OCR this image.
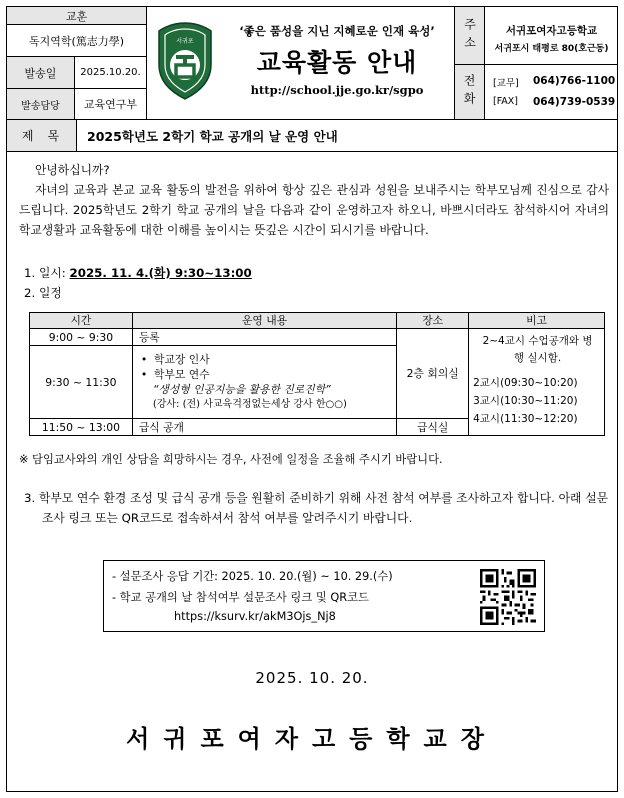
교훈
독지역학(篤志力學)
발송일	2025.10.20.
발송담당	교육연구부
서귀포
‘좋은 품성을 지닌 지혜로운 인재 육성’
교육활동 안내
http://school.jje.go.kr/sgpo
주소	서귀포여자고등학교
서귀포시 태평로 80(호근동)
전화 [교무] 064)766-1100
[FAX] 064)739-0539
제목	2025학년도 2학기 학교 공개의 날 운영 안내
안녕하십니까?
자녀의 교육과 본교 교육 활동의 발전을 위하여 항상 깊은 관심과 성원을 보내주시는 학부모님께 진심으로 감사드립니다. 2025학년도 2학기 학교 공개의 날을 다음과 같이 운영하고자 하오니, 바쁘시더라도 참석하시어 자녀의 학교생활과 교육활동에 대한 이해를 높이시는 뜻깊은 시간이 되시기를 바랍니다.
1. 일시: 2025. 11. 4.(화) 9:30~13:00
2. 일정
시간	운영 내용	장소	비고
9:00 ~ 9:30	등록	2층 회의실	2~4교시 수업공개와 병행 실시함.
2교시(09:30~10:20)
3교시(10:30~11:20)
4교시(11:30~12:20)

9:30 ~ 11:30	•  학교장 인사
•  학부모 연수
“생성형 인공지능을 활용한 진로진학”
(강사: (전) 사교육걱정없는세상 강사 한○○)		

11:50 ~ 13:00	급식 공개	급식실	
※ 담임교사와의 개인 상담을 희망하시는 경우, 사전에 일정을 조율해 주시기 바랍니다.
3. 학부모 연수 환경 조성 및 급식 공개 등을 원활히 준비하기 위해 사전 참석 여부를 조사하고자 합니다. 아래 설문조사 링크 또는 QR코드로 접속하셔서 참석 여부를 알려주시기 바랍니다.
- 설문조사 응답 기간: 2025. 10. 20.(월) ~ 10. 29.(수)
- 학교 공개의 날 참석여부 설문조사 링크 및 QR코드
https://ksurv.kr/akM3Ojs_Nj8
2025. 10. 20.
서귀포여자고등학교장
